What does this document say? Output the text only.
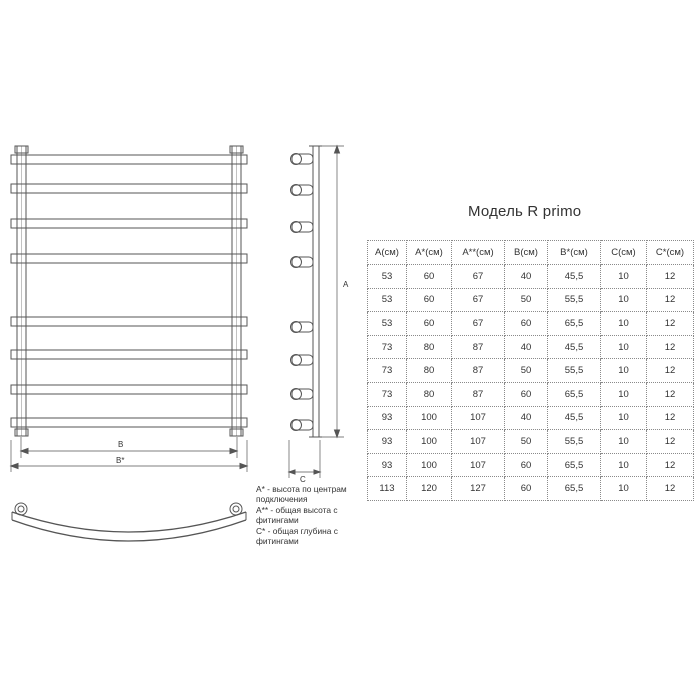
B
B*
A
C
Модель R primo
A(см)	A*(см)	A**(см)	B(см)	B*(см)	C(см)	C*(см)
53	60	67	40	45,5	10	12
53	60	67	50	55,5	10	12
53	60	67	60	65,5	10	12
73	80	87	40	45,5	10	12
73	80	87	50	55,5	10	12
73	80	87	60	65,5	10	12
93	100	107	40	45,5	10	12
93	100	107	50	55,5	10	12
93	100	107	60	65,5	10	12
113	120	127	60	65,5	10	12
A* - высота по центрам подключения
A** - общая высота с фитингами
C* - общая глубина с фитингами
